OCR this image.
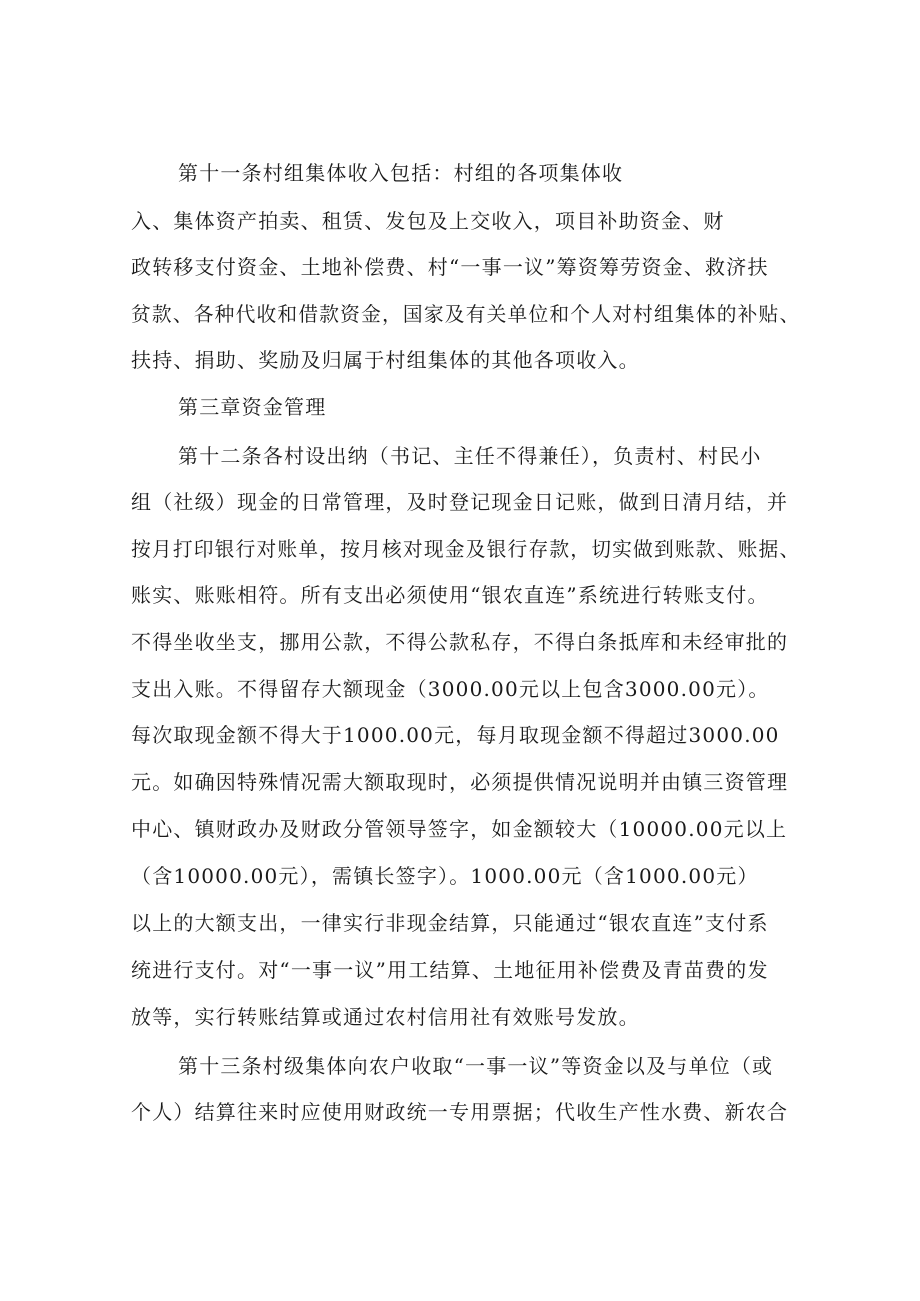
第十一条村组集体收入包括：村组的各项集体收
入、集体资产拍卖、租赁、发包及上交收入，项目补助资金、财
政转移支付资金、土地补偿费、村“一事一议”筹资筹劳资金、救济扶
贫款、各种代收和借款资金，国家及有关单位和个人对村组集体的补贴、
扶持、捐助、奖励及归属于村组集体的其他各项收入。
第三章资金管理
第十二条各村设出纳（书记、主任不得兼任），负责村、村民小
组（社级）现金的日常管理，及时登记现金日记账，做到日清月结，并
按月打印银行对账单，按月核对现金及银行存款，切实做到账款、账据、
账实、账账相符。所有支出必须使用“银农直连”系统进行转账支付。
不得坐收坐支，挪用公款，不得公款私存，不得白条抵库和未经审批的
支出入账。不得留存大额现金（3000.00元以上包含3000.00元）。
每次取现金额不得大于1000.00元，每月取现金额不得超过3000.00
元。如确因特殊情况需大额取现时，必须提供情况说明并由镇三资管理
中心、镇财政办及财政分管领导签字，如金额较大（10000.00元以上
（含10000.00元），需镇长签字）。1000.00元（含1000.00元）
以上的大额支出，一律实行非现金结算，只能通过“银农直连”支付系
统进行支付。对“一事一议”用工结算、土地征用补偿费及青苗费的发
放等，实行转账结算或通过农村信用社有效账号发放。
第十三条村级集体向农户收取“一事一议”等资金以及与单位（或
个人）结算往来时应使用财政统一专用票据；代收生产性水费、新农合
